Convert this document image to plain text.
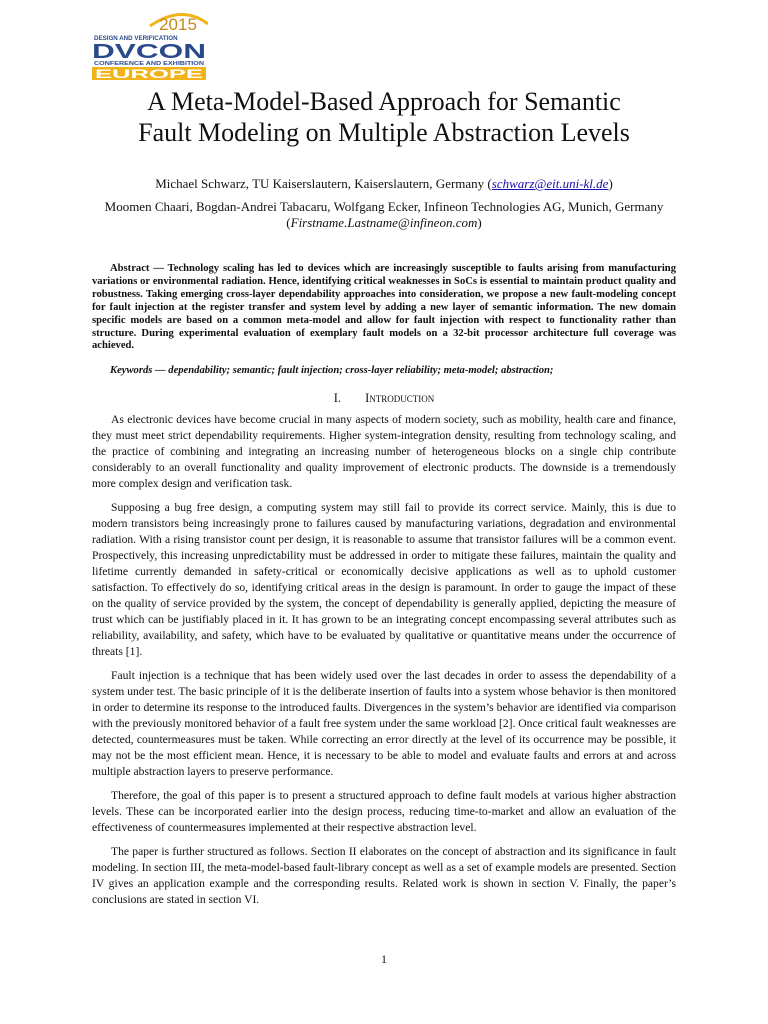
2015
DESIGN AND VERIFICATION
DVCON
CONFERENCE AND EXHIBITION
EUROPE
A Meta-Model-Based Approach for Semantic
Fault Modeling on Multiple Abstraction Levels

Michael Schwarz, TU Kaiserslautern, Kaiserslautern, Germany (schwarz@eit.uni-kl.de)

Moomen Chaari, Bogdan-Andrei Tabacaru, Wolfgang Ecker, Infineon Technologies AG, Munich, Germany (Firstname.Lastname@infineon.com)

Abstract — Technology scaling has led to devices which are increasingly susceptible to faults arising from manufacturing variations or environmental radiation. Hence, identifying critical weaknesses in SoCs is essential to maintain product quality and robustness. Taking emerging cross-layer dependability approaches into consideration, we propose a new fault-modeling concept for fault injection at the register transfer and system level by adding a new layer of semantic information. The new domain specific models are based on a common meta-model and allow for fault injection with respect to functionality rather than structure. During experimental evaluation of exemplary fault models on a 32-bit processor architecture full coverage was achieved.

Keywords — dependability; semantic; fault injection; cross-layer reliability; meta-model; abstraction;

I. Introduction

As electronic devices have become crucial in many aspects of modern society, such as mobility, health care and finance, they must meet strict dependability requirements. Higher system-integration density, resulting from technology scaling, and the practice of combining and integrating an increasing number of heterogeneous blocks on a single chip contribute considerably to an overall functionality and quality improvement of electronic products. The downside is a tremendously more complex design and verification task.

Supposing a bug free design, a computing system may still fail to provide its correct service. Mainly, this is due to modern transistors being increasingly prone to failures caused by manufacturing variations, degradation and environmental radiation. With a rising transistor count per design, it is reasonable to assume that transistor failures will be a common event. Prospectively, this increasing unpredictability must be addressed in order to mitigate these failures, maintain the quality and lifetime currently demanded in safety-critical or economically decisive applications as well as to uphold customer satisfaction. To effectively do so, identifying critical areas in the design is paramount. In order to gauge the impact of these on the quality of service provided by the system, the concept of dependability is generally applied, depicting the measure of trust which can be justifiably placed in it. It has grown to be an integrating concept encompassing several attributes such as reliability, availability, and safety, which have to be evaluated by qualitative or quantitative means under the occurrence of threats [1].

Fault injection is a technique that has been widely used over the last decades in order to assess the dependability of a system under test. The basic principle of it is the deliberate insertion of faults into a system whose behavior is then monitored in order to determine its response to the introduced faults. Divergences in the system’s behavior are identified via comparison with the previously monitored behavior of a fault free system under the same workload [2]. Once critical fault weaknesses are detected, countermeasures must be taken. While correcting an error directly at the level of its occurrence may be possible, it may not be the most efficient mean. Hence, it is necessary to be able to model and evaluate faults and errors at and across multiple abstraction layers to preserve performance.

Therefore, the goal of this paper is to present a structured approach to define fault models at various higher abstraction levels. These can be incorporated earlier into the design process, reducing time-to-market and allow an evaluation of the effectiveness of countermeasures implemented at their respective abstraction level.

The paper is further structured as follows. Section II elaborates on the concept of abstraction and its significance in fault modeling. In section III, the meta-model-based fault-library concept as well as a set of example models are presented. Section IV gives an application example and the corresponding results. Related work is shown in section V. Finally, the paper’s conclusions are stated in section VI.

1
